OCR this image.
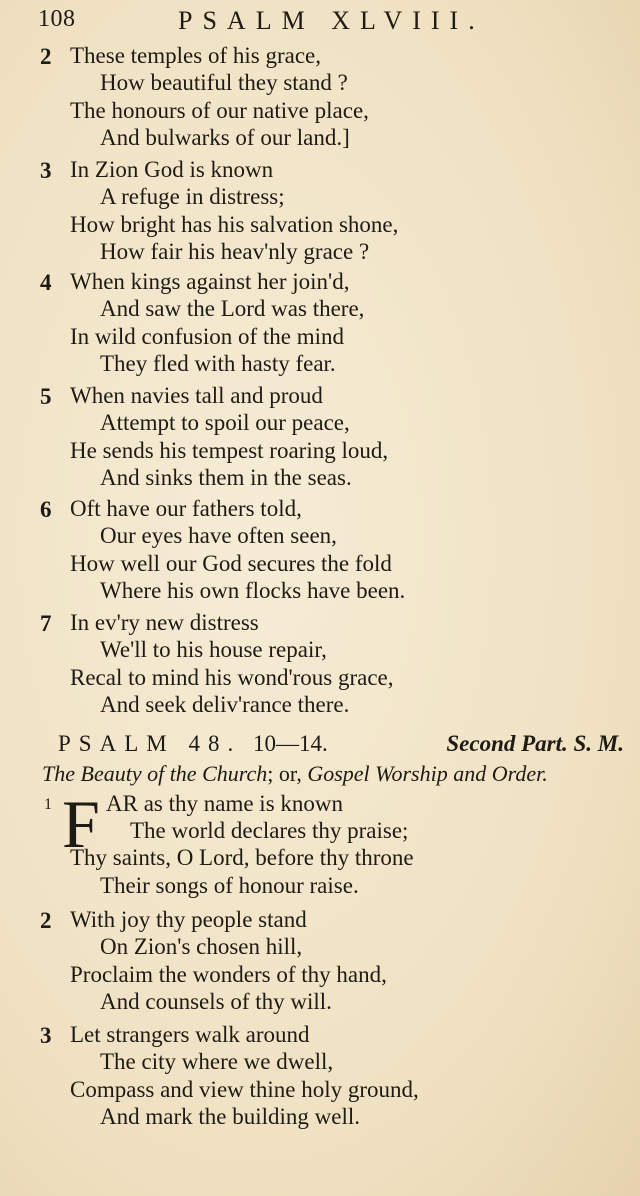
108	PSALM XLVIII.
2 These temples of his grace,
How beautiful they stand ?
The honours of our native place,
And bulwarks of our land.]
3 In Zion God is known
A refuge in distress;
How bright has his salvation shone,
How fair his heav'nly grace ?
4 When kings against her join'd,
And saw the Lord was there,
In wild confusion of the mind
They fled with hasty fear.
5 When navies tall and proud
Attempt to spoil our peace,
He sends his tempest roaring loud,
And sinks them in the seas.
6 Oft have our fathers told,
Our eyes have often seen,
How well our God secures the fold
Where his own flocks have been.
7 In ev'ry new distress
We'll to his house repair,
Recal to mind his wond'rous grace,
And seek deliv'rance there.
PSALM 48. 10—14.	Second Part. S. M.
The Beauty of the Church; or, Gospel Worship and Order.
1 F AR as thy name is known
The world declares thy praise;
Thy saints, O Lord, before thy throne
Their songs of honour raise.
2 With joy thy people stand
On Zion's chosen hill,
Proclaim the wonders of thy hand,
And counsels of thy will.
3 Let strangers walk around
The city where we dwell,
Compass and view thine holy ground,
And mark the building well.
